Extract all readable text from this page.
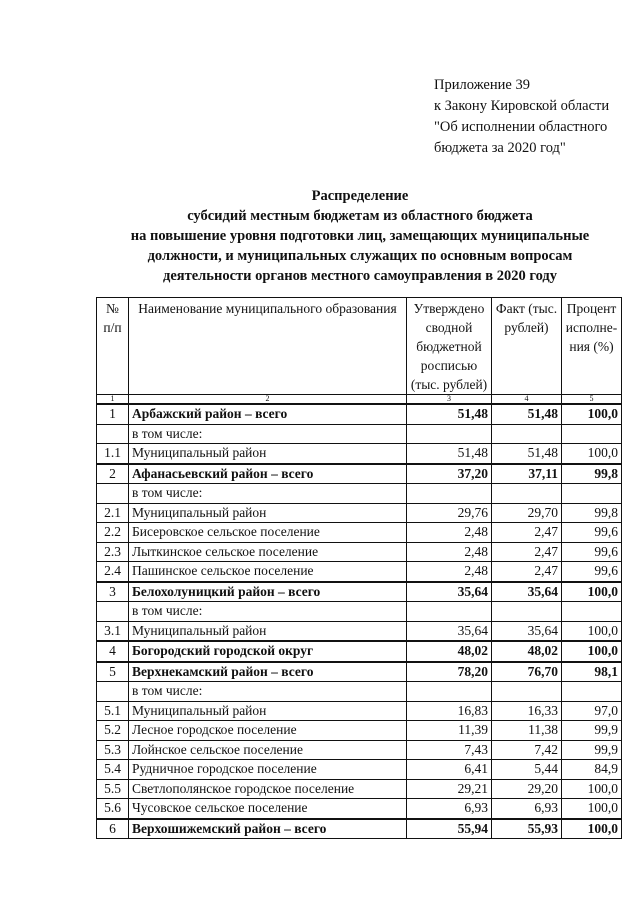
Приложение 39
к Закону Кировской области
"Об исполнении областного
бюджета за 2020 год"
Распределение
субсидий местным бюджетам из областного бюджета
на повышение уровня подготовки лиц, замещающих муниципальные
должности, и муниципальных служащих по основным вопросам
деятельности органов местного самоуправления в 2020 году
№ п/п	Наименование муниципального образования	Утверждено сводной бюджетной росписью (тыс. рублей)	Факт (тыс. рублей)	Процент исполне- ния (%)
1	2	3	4	5
1	Арбажский район – всего	51,48	51,48	100,0
	в том числе:			
1.1	Муниципальный район	51,48	51,48	100,0
2	Афанасьевский район – всего	37,20	37,11	99,8
	в том числе:			
2.1	Муниципальный район	29,76	29,70	99,8
2.2	Бисеровское сельское поселение	2,48	2,47	99,6
2.3	Лыткинское сельское поселение	2,48	2,47	99,6
2.4	Пашинское сельское поселение	2,48	2,47	99,6
3	Белохолуницкий район – всего	35,64	35,64	100,0
	в том числе:			
3.1	Муниципальный район	35,64	35,64	100,0
4	Богородский городской округ	48,02	48,02	100,0
5	Верхнекамский район – всего	78,20	76,70	98,1
	в том числе:			
5.1	Муниципальный район	16,83	16,33	97,0
5.2	Лесное городское поселение	11,39	11,38	99,9
5.3	Лойнское сельское поселение	7,43	7,42	99,9
5.4	Рудничное городское поселение	6,41	5,44	84,9
5.5	Светлополянское городское поселение	29,21	29,20	100,0
5.6	Чусовское сельское поселение	6,93	6,93	100,0
6	Верхошижемский район – всего	55,94	55,93	100,0
